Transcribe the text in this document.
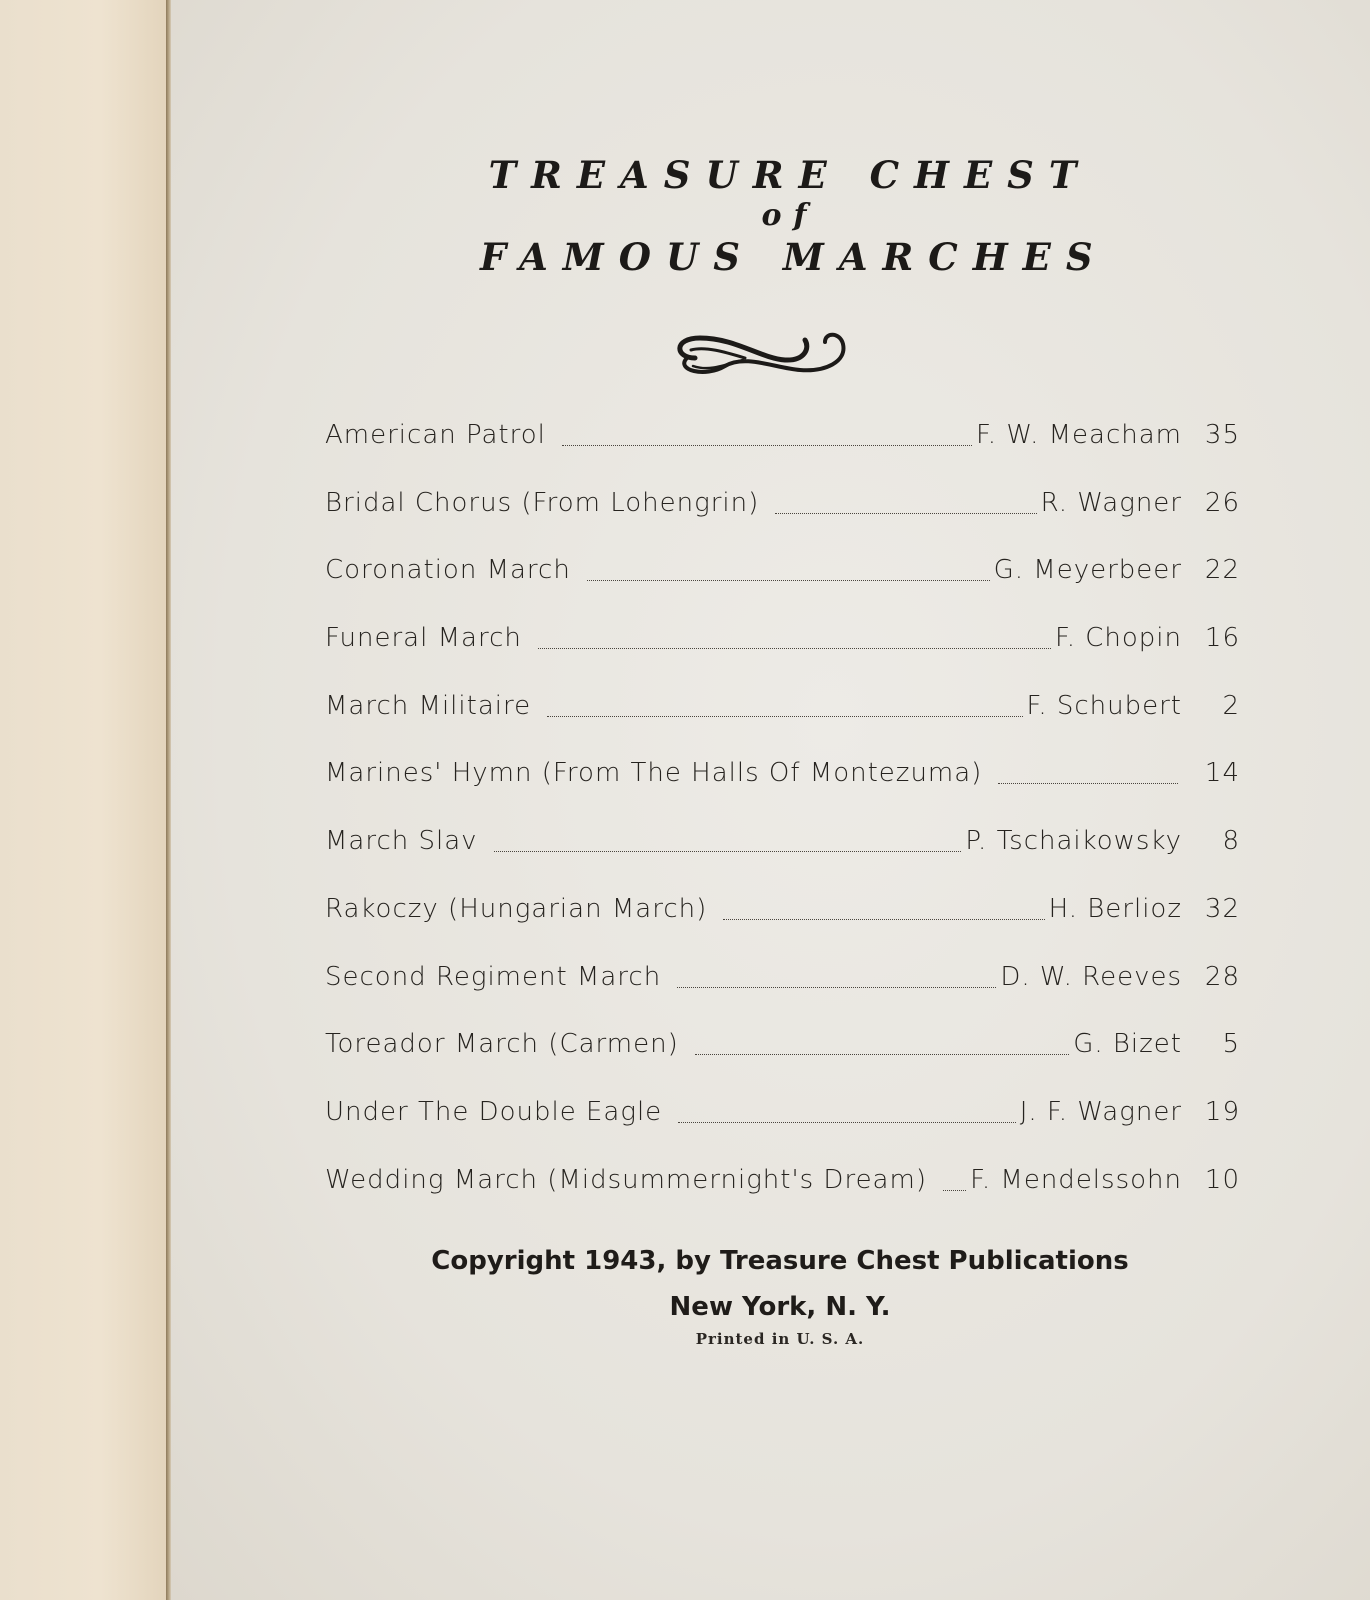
TREASURE CHEST
of
FAMOUS MARCHES
American Patrol	F. W. Meacham 35
Bridal Chorus (From Lohengrin)	R. Wagner 26
Coronation March	G. Meyerbeer 22
Funeral March	F. Chopin 16
March Militaire	F. Schubert	2
Marines' Hymn (From The Halls Of Montezuma)	14
March Slav	P. Tschaikowsky	8
Rakoczy (Hungarian March)	H. Berlioz 32
Second Regiment March	D. W. Reeves 28
Toreador March (Carmen)	G. Bizet	5
Under The Double Eagle	J. F. Wagner 19
Wedding March (Midsummernight's Dream) F. Mendelssohn 10
Copyright 1943, by Treasure Chest Publications
New York, N. Y.
Printed in U. S. A.
